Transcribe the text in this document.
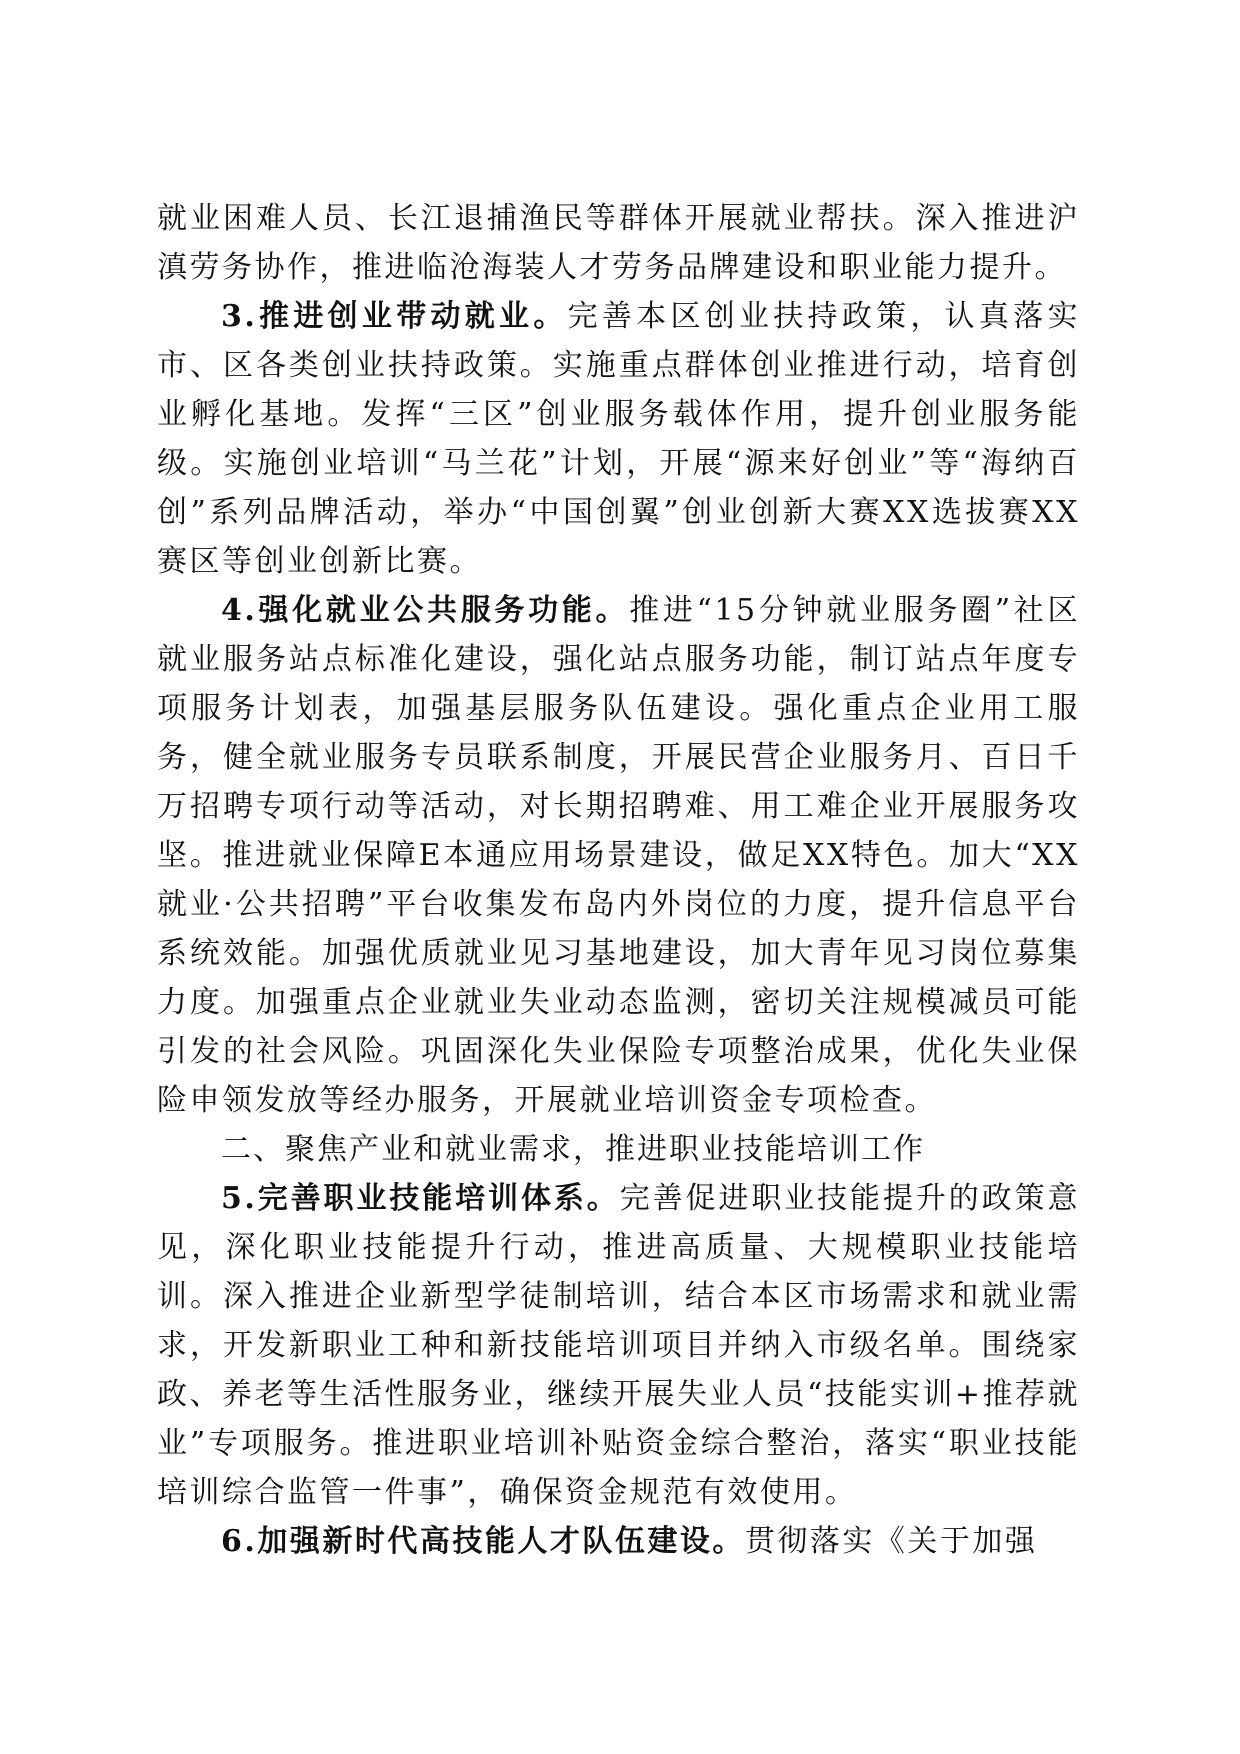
就业困难人员、长江退捕渔民等群体开展就业帮扶。深入推进沪滇劳务协作，推进临沧海装人才劳务品牌建设和职业能力提升。

3.推进创业带动就业。完善本区创业扶持政策，认真落实市、区各类创业扶持政策。实施重点群体创业推进行动，培育创业孵化基地。发挥“三区”创业服务载体作用，提升创业服务能级。实施创业培训“马兰花”计划，开展“源来好创业”等“海纳百创”系列品牌活动，举办“中国创翼”创业创新大赛XX选拔赛XX赛区等创业创新比赛。

4.强化就业公共服务功能。推进“15分钟就业服务圈”社区就业服务站点标准化建设，强化站点服务功能，制订站点年度专项服务计划表，加强基层服务队伍建设。强化重点企业用工服务，健全就业服务专员联系制度，开展民营企业服务月、百日千万招聘专项行动等活动，对长期招聘难、用工难企业开展服务攻坚。推进就业保障E本通应用场景建设，做足XX特色。加大“XX就业·公共招聘”平台收集发布岛内外岗位的力度，提升信息平台系统效能。加强优质就业见习基地建设，加大青年见习岗位募集力度。加强重点企业就业失业动态监测，密切关注规模减员可能引发的社会风险。巩固深化失业保险专项整治成果，优化失业保险申领发放等经办服务，开展就业培训资金专项检查。

二、聚焦产业和就业需求，推进职业技能培训工作

5.完善职业技能培训体系。完善促进职业技能提升的政策意见，深化职业技能提升行动，推进高质量、大规模职业技能培训。深入推进企业新型学徒制培训，结合本区市场需求和就业需求，开发新职业工种和新技能培训项目并纳入市级名单。围绕家政、养老等生活性服务业，继续开展失业人员“技能实训+推荐就业”专项服务。推进职业培训补贴资金综合整治，落实“职业技能培训综合监管一件事”，确保资金规范有效使用。

6.加强新时代高技能人才队伍建设。贯彻落实《关于加强
